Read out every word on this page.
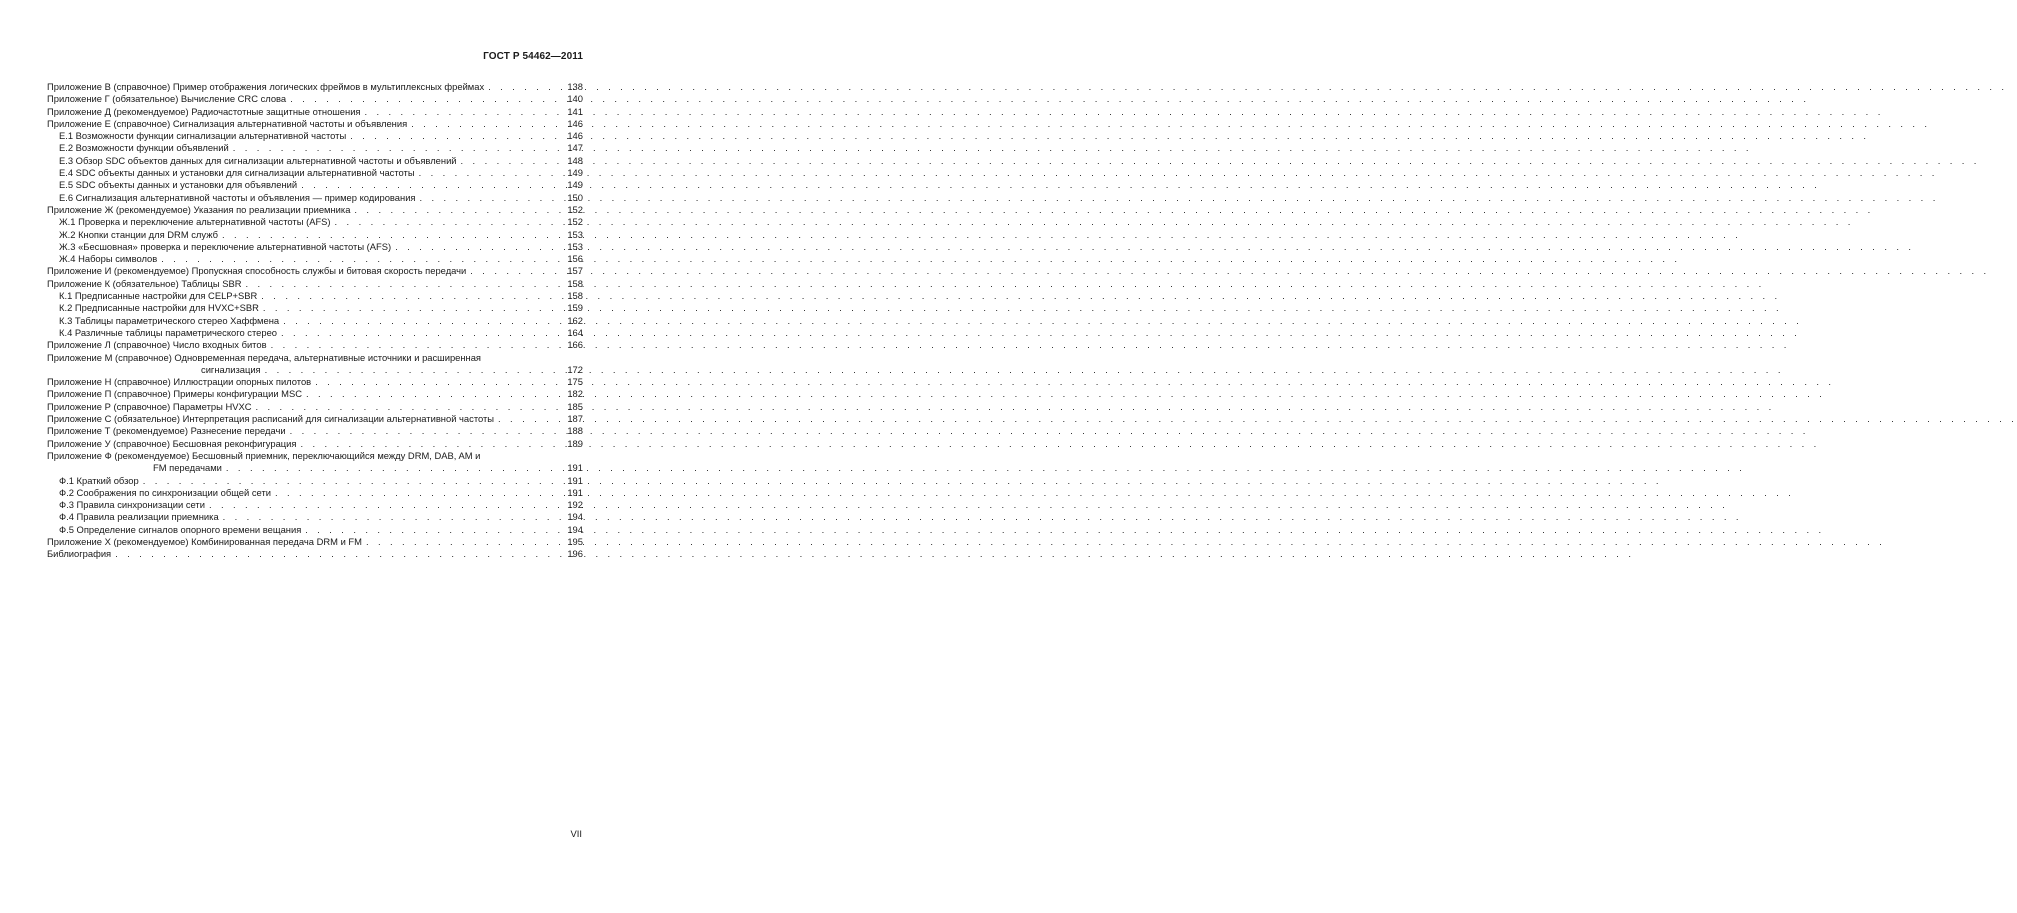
ГОСТ Р 54462—2011
Приложение В (справочное) Пример отображения логических фреймов в мультиплексных фреймах . . .	138
Приложение Г (обязательное) Вычисление CRC слова . . .	140
Приложение Д (рекомендуемое) Радиочастотные защитные отношения . . .	141
Приложение Е (справочное) Сигнализация альтернативной частоты и объявления . . .	146
Е.1 Возможности функции сигнализации альтернативной частоты . . .	146
Е.2 Возможности функции объявлений . . .	147
Е.3 Обзор SDC объектов данных для сигнализации альтернативной частоты и объявлений . . .	148
Е.4 SDC объекты данных и установки для сигнализации альтернативной частоты . . .	149
Е.5 SDC объекты данных и установки для объявлений . . .	149
Е.6 Сигнализация альтернативной частоты и объявления — пример кодирования . . .	150
Приложение Ж (рекомендуемое) Указания по реализации приемника . . .	152
Ж.1 Проверка и переключение альтернативной частоты (AFS) . . .	152
Ж.2 Кнопки станции для DRM служб . . .	153
Ж.3 «Бесшовная» проверка и переключение альтернативной частоты (AFS) . . .	153
Ж.4 Наборы символов . . .	156
Приложение И (рекомендуемое) Пропускная способность службы и битовая скорость передачи . . .	157
Приложение К (обязательное) Таблицы SBR . . .	158
К.1 Предписанные настройки для CELP+SBR . . .	158
К.2 Предписанные настройки для HVXC+SBR . . .	159
К.3 Таблицы параметрического стерео Хаффмена . . .	162
К.4 Различные таблицы параметрического стерео . . .	164
Приложение Л (справочное) Число входных битов . . .	166
Приложение М (справочное) Одновременная передача, альтернативные источники и расширенная
сигнализация . . .	172
Приложение Н (справочное) Иллюстрации опорных пилотов . . .	175
Приложение П (справочное) Примеры конфигурации MSC . . .	182
Приложение Р (справочное) Параметры HVXC . . .	185
Приложение С (обязательное) Интерпретация расписаний для сигнализации альтернативной частоты . . .	187
Приложение Т (рекомендуемое) Разнесение передачи . . .	188
Приложение У (справочное) Бесшовная реконфигурация . . .	189
Приложение Ф (рекомендуемое) Бесшовный приемник, переключающийся между DRM, DAB, AM и
FM передачами . . .	191
Ф.1 Краткий обзор . . .	191
Ф.2 Соображения по синхронизации общей сети . . .	191
Ф.3 Правила синхронизации сети . . .	192
Ф.4 Правила реализации приемника . . .	194
Ф.5 Определение сигналов опорного времени вещания . . .	194
Приложение Х (рекомендуемое) Комбинированная передача DRM и FM . . .	195
Библиография . . .	196
VII
